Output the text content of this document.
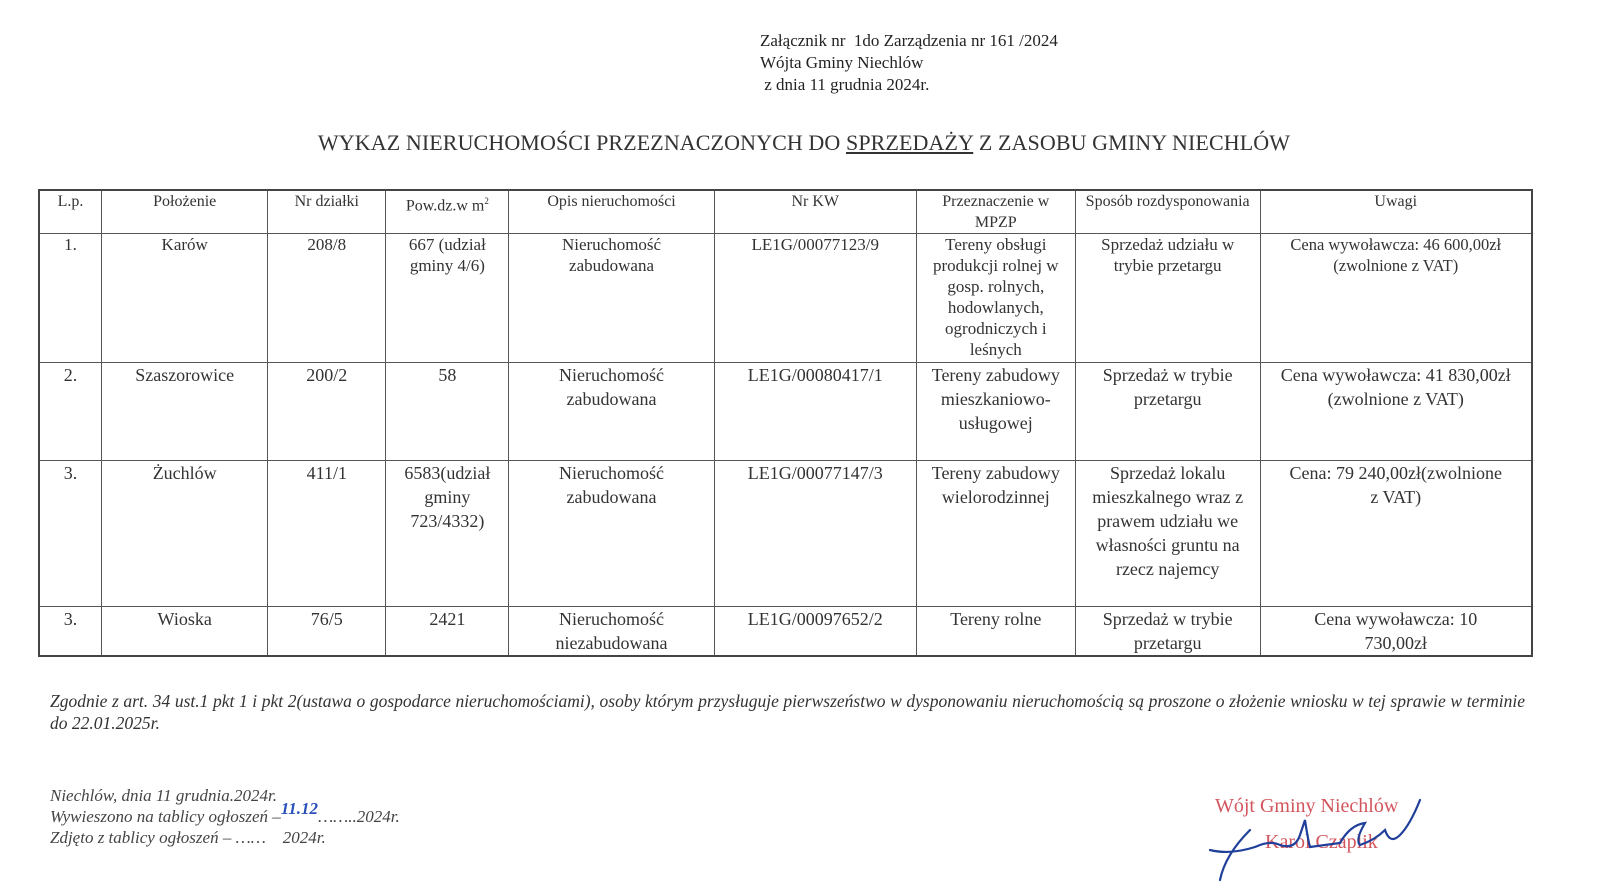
Załącznik nr  1do Zarządzenia nr 161 /2024
Wójta Gminy Niechlów
z dnia 11 grudnia 2024r.
WYKAZ NIERUCHOMOŚCI PRZEZNACZONYCH DO SPRZEDAŻY Z ZASOBU GMINY NIECHLÓW
L.p.	Położenie	Nr działki	Pow.dz.w $m^2$	Opis nieruchomości	Nr KW	Przeznaczenie w MPZP	Sposób rozdysponowania	Uwagi
1.	Karów	208/8	667 (udział gminy 4/6)	Nieruchomość zabudowana	LE1G/00077123/9	Tereny obsługi produkcji rolnej w gosp. rolnych, hodowlanych, ogrodniczych i leśnych	Sprzedaż udziału w trybie przetargu	Cena wywoławcza: 46 600,00zł (zwolnione z VAT)
2.	Szaszorowice	200/2	58	Nieruchomość zabudowana	LE1G/00080417/1	Tereny zabudowy mieszkaniowo-usługowej	Sprzedaż w trybie przetargu	Cena wywoławcza: 41 830,00zł (zwolnione z VAT)
3.	Żuchlów	411/1	6583(udział gminy 723/4332)	Nieruchomość zabudowana	LE1G/00077147/3	Tereny zabudowy wielorodzinnej	Sprzedaż lokalu mieszkalnego wraz z prawem udziału we własności gruntu na rzecz najemcy	Cena: 79 240,00zł(zwolnione z VAT)
3.	Wioska	76/5	2421	Nieruchomość niezabudowana	LE1G/00097652/2	Tereny rolne	Sprzedaż w trybie przetargu	Cena wywoławcza: 10 730,00zł
Zgodnie z art. 34 ust.1 pkt 1 i pkt 2(ustawa o gospodarce nieruchomościami), osoby którym przysługuje pierwszeństwo w dysponowaniu nieruchomością są proszone o złożenie wniosku w tej sprawie w terminie do 22.01.2025r.
Niechlów, dnia 11 grudnia.2024r.
Wywieszono na tablicy ogłoszeń –11.12……..2024r.
Zdjęto z tablicy ogłoszeń – ……    2024r.
Wójt Gminy Niechlów
Karol Czaplik
